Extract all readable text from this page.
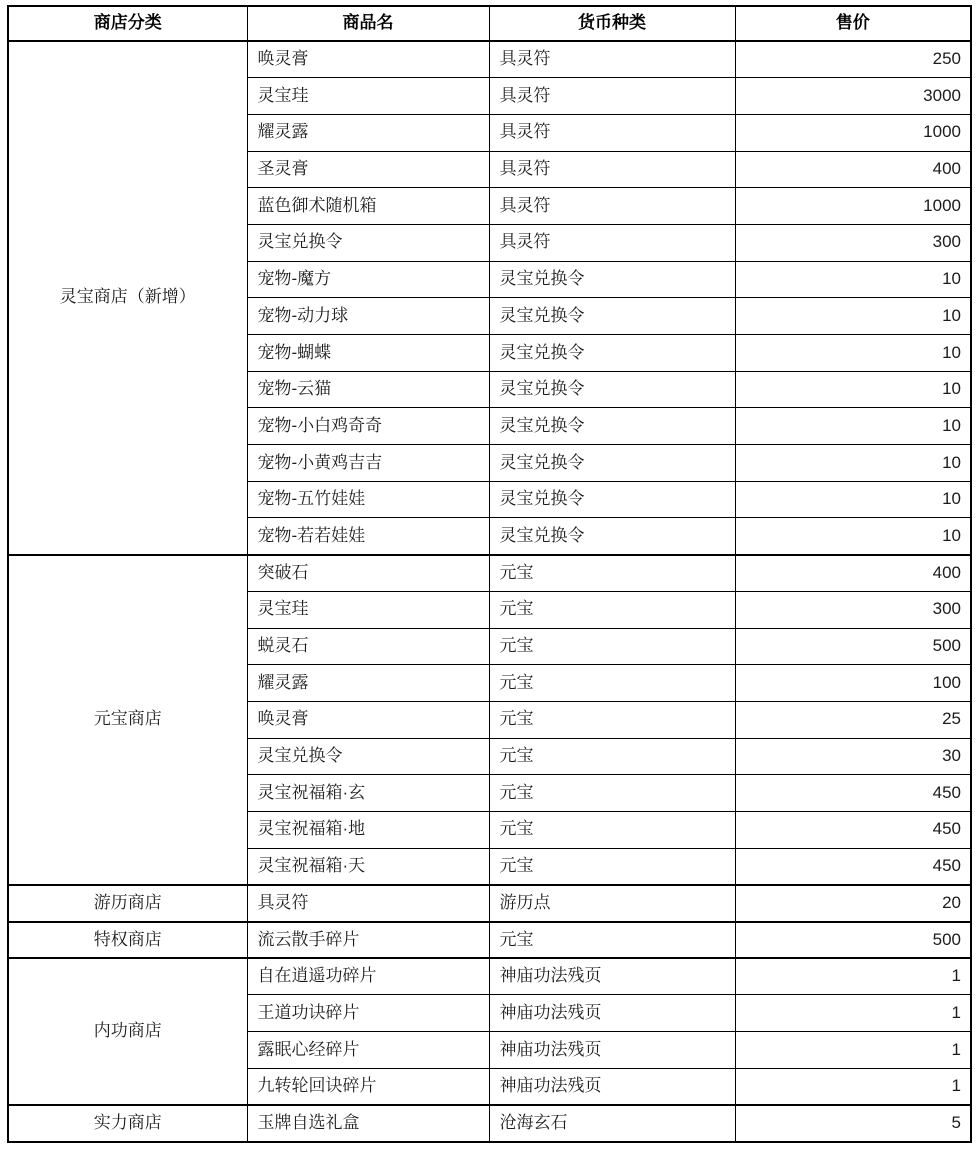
商店分类	商品名	货币种类	售价
灵宝商店（新增）	唤灵膏	具灵符	250
	灵宝珪	具灵符	3000
	耀灵露	具灵符	1000
	圣灵膏	具灵符	400
	蓝色御术随机箱	具灵符	1000
	灵宝兑换令	具灵符	300
	宠物-魔方	灵宝兑换令	10
	宠物-动力球	灵宝兑换令	10
	宠物-蝴蝶	灵宝兑换令	10
	宠物-云猫	灵宝兑换令	10
	宠物-小白鸡奇奇	灵宝兑换令	10
	宠物-小黄鸡吉吉	灵宝兑换令	10
	宠物-五竹娃娃	灵宝兑换令	10
	宠物-若若娃娃	灵宝兑换令	10
元宝商店	突破石	元宝	400
	灵宝珪	元宝	300
	蜕灵石	元宝	500
	耀灵露	元宝	100
	唤灵膏	元宝	25
	灵宝兑换令	元宝	30
	灵宝祝福箱·玄	元宝	450
	灵宝祝福箱·地	元宝	450
	灵宝祝福箱·天	元宝	450
游历商店	具灵符	游历点	20
特权商店	流云散手碎片	元宝	500
内功商店	自在逍遥功碎片	神庙功法残页	1
	王道功诀碎片	神庙功法残页	1
	露眠心经碎片	神庙功法残页	1
	九转轮回诀碎片	神庙功法残页	1
实力商店	玉牌自选礼盒	沧海玄石	5
